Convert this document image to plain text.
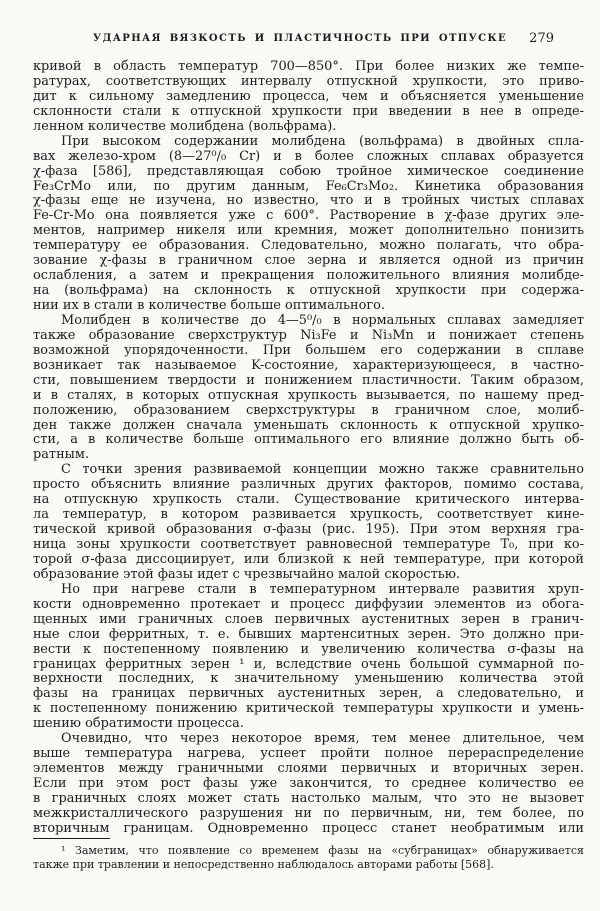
УДАРНАЯ ВЯЗКОСТЬ И ПЛАСТИЧНОСТЬ ПРИ ОТПУСКЕ	279
кривой в область температур 700—850°. При более низких же темпе-
ратурах, соответствующих интервалу отпускной хрупкости, это приво-
дит к сильному замедлению процесса, чем и объясняется уменьшение
склонности стали к отпускной хрупкости при введении в нее в опреде-
ленном количестве молибдена (вольфрама).
При высоком содержании молибдена (вольфрама) в двойных спла-
вах железо-хром (8—27⁰/₀ Cr) и в более сложных сплавах образуется
χ-фаза [586], представляющая собою тройное химическое соединение
Fe₃CrMo или, по другим данным, Fe₆Cr₃Mo₂. Кинетика образования
χ-фазы еще не изучена, но известно, что и в тройных чистых сплавах
Fe-Cr-Mo она появляется уже с 600°. Растворение в χ-фазе других эле-
ментов, например никеля или кремния, может дополнительно понизить
температуру ее образования. Следовательно, можно полагать, что обра-
зование χ-фазы в граничном слое зерна и является одной из причин
ослабления, а затем и прекращения положительного влияния молибде-
на (вольфрама) на склонность к отпускной хрупкости при содержа-
нии их в стали в количестве больше оптимального.
Молибден в количестве до 4—5⁰/₀ в нормальных сплавах замедляет
также образование сверхструктур Ni₃Fe и Ni₃Mn и понижает степень
возможной упорядоченности. При большем его содержании в сплаве
возникает так называемое K-состояние, характеризующееся, в частно-
сти, повышением твердости и понижением пластичности. Таким образом,
и в сталях, в которых отпускная хрупкость вызывается, по нашему пред-
положению, образованием сверхструктуры в граничном слое, молиб-
ден также должен сначала уменьшать склонность к отпускной хрупко-
сти, а в количестве больше оптимального его влияние должно быть об-
ратным.
С точки зрения развиваемой концепции можно также сравнительно
просто объяснить влияние различных других факторов, помимо состава,
на отпускную хрупкость стали. Существование критического интерва-
ла температур, в котором развивается хрупкость, соответствует кине-
тической кривой образования σ-фазы (рис. 195). При этом верхняя гра-
ница зоны хрупкости соответствует равновесной температуре T₀, при ко-
торой σ-фаза диссоциирует, или близкой к ней температуре, при которой
образование этой фазы идет с чрезвычайно малой скоростью.
Но при нагреве стали в температурном интервале развития хруп-
кости одновременно протекает и процесс диффузии элементов из обога-
щенных ими граничных слоев первичных аустенитных зерен в гранич-
ные слои ферритных, т. е. бывших мартенситных зерен. Это должно при-
вести к постепенному появлению и увеличению количества σ-фазы на
границах ферритных зерен ¹ и, вследствие очень большой суммарной по-
верхности последних, к значительному уменьшению количества этой
фазы на границах первичных аустенитных зерен, а следовательно, и
к постепенному понижению критической температуры хрупкости и умень-
шению обратимости процесса.
Очевидно, что через некоторое время, тем менее длительное, чем
выше температура нагрева, успеет пройти полное перераспределение
элементов между граничными слоями первичных и вторичных зерен.
Если при этом рост фазы уже закончится, то среднее количество ее
в граничных слоях может стать настолько малым, что это не вызовет
межкристаллического разрушения ни по первичным, ни, тем более, по
вторичным границам. Одновременно процесс станет необратимым или
¹ Заметим, что появление со временем фазы на «субграницах» обнаруживается
также при травлении и непосредственно наблюдалось авторами работы [568].
